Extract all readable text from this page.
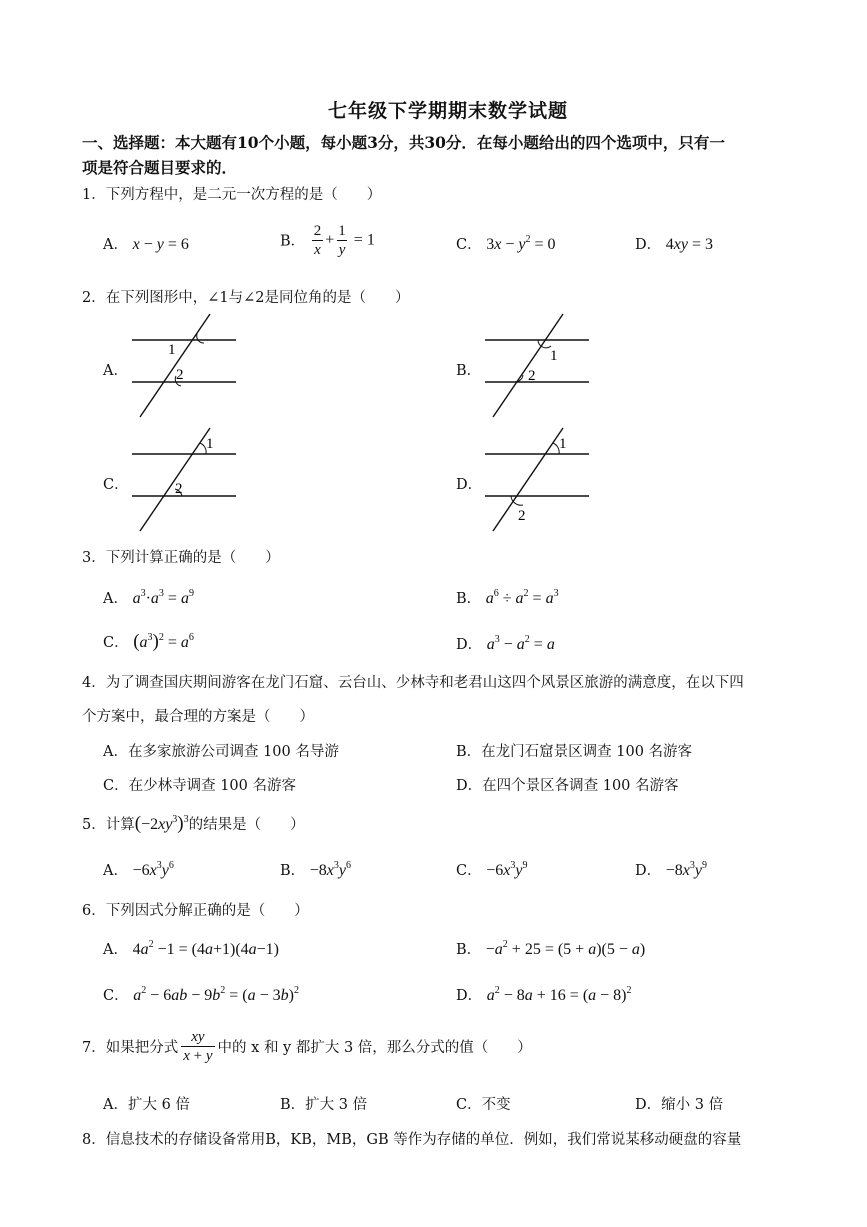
七年级下学期期末数学试题
一、选择题：本大题有10个小题，每小题3分，共30分．在每小题给出的四个选项中，只有一
项是符合题目要求的．
1．下列方程中，是二元一次方程的是（　　）
A． x − y = 6	B． $\frac{2}{x} + \frac{1}{y} = 1$	C． $3x - y^2 = 0$	D． 4xy = 3
2．在下列图形中，∠1与∠2是同位角的是（　　）
A．
1
2	B．
1
2
C．
1
2	D．
1
2
3．下列计算正确的是（　　）
A． $a^3\cdot a^3 = a^9$	B． $a^6 \div a^2 = a^3$
C． $(a^3)^2 = a^6$	D． $a^3 - a^2 = a$
4．为了调查国庆期间游客在龙门石窟、云台山、少林寺和老君山这四个风景区旅游的满意度，在以下四
个方案中，最合理的方案是（　　）
A．在多家旅游公司调查 100 名导游	B．在龙门石窟景区调查 100 名游客
C．在少林寺调查 100 名游客	D．在四个景区各调查 100 名游客
5．计算$(-2xy^3)^3$的结果是（　　）
A． $-6x^3y^6$	B． $-8x^3y^6$	C． $-6x^3y^9$	D． $-8x^3y^9$
6．下列因式分解正确的是（　　）
A． $4a^2 -1 = (4a+1)(4a-1)$	B． $-a^2 + 25 = (5 + a)(5 - a)$
C． $a^2 - 6ab - 9b^2 = (a - 3b)^2$	D． $a^2 - 8a + 16 = (a - 8)^2$
7．如果把分式 $\frac{xy}{x + y}$ 中的 x 和 y 都扩大 3 倍，那么分式的值（　　）
A．扩大 6 倍	B．扩大 3 倍	C．不变	D．缩小 3 倍
8．信息技术的存储设备常用B，KB，MB，GB 等作为存储的单位．例如，我们常说某移动硬盘的容量
